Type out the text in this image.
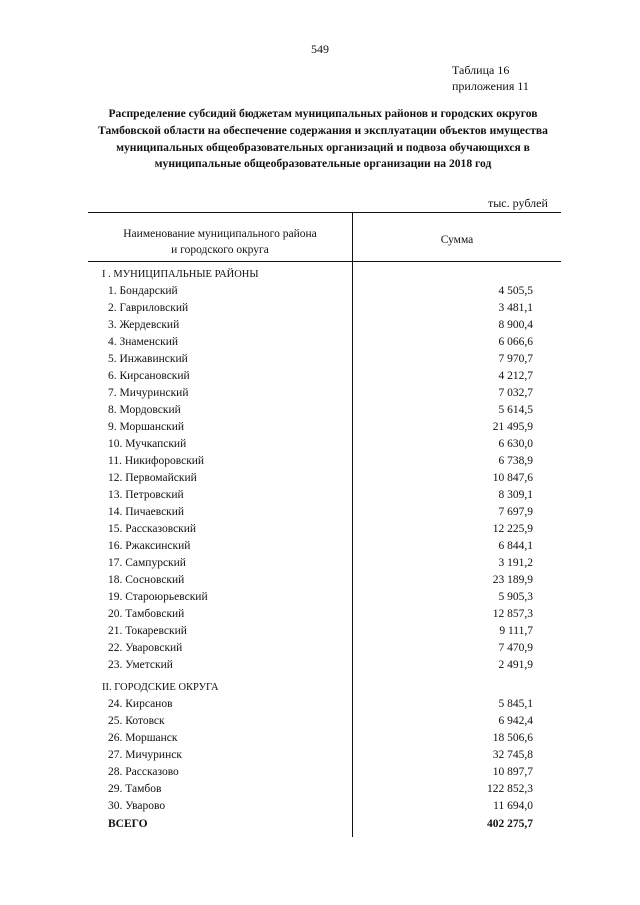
549
Таблица 16
приложения 11
Распределение субсидий бюджетам муниципальных районов и городских округов Тамбовской области на обеспечение содержания и эксплуатации объектов имущества муниципальных общеобразовательных организаций и подвоза обучающихся в муниципальные общеобразовательные организации на 2018 год
тыс. рублей
Наименование муниципального района
и городского округа
Сумма
I . МУНИЦИПАЛЬНЫЕ РАЙОНЫ
1. Бондарский	4 505,5
2. Гавриловский	3 481,1
3. Жердевский	8 900,4
4. Знаменский	6 066,6
5. Инжавинский	7 970,7
6. Кирсановский	4 212,7
7. Мичуринский	7 032,7
8. Мордовский	5 614,5
9. Моршанский	21 495,9
10. Мучкапский	6 630,0
11. Никифоровский	6 738,9
12. Первомайский	10 847,6
13. Петровский	8 309,1
14. Пичаевский	7 697,9
15. Рассказовский	12 225,9
16. Ржаксинский	6 844,1
17. Сампурский	3 191,2
18. Сосновский	23 189,9
19. Староюрьевский	5 905,3
20. Тамбовский	12 857,3
21. Токаревский	9 111,7
22. Уваровский	7 470,9
23. Уметский	2 491,9
II. ГОРОДСКИЕ ОКРУГА
24. Кирсанов	5 845,1
25. Котовск	6 942,4
26. Моршанск	18 506,6
27. Мичуринск	32 745,8
28. Рассказово	10 897,7
29. Тамбов	122 852,3
30. Уварово	11 694,0
ВСЕГО	402 275,7
